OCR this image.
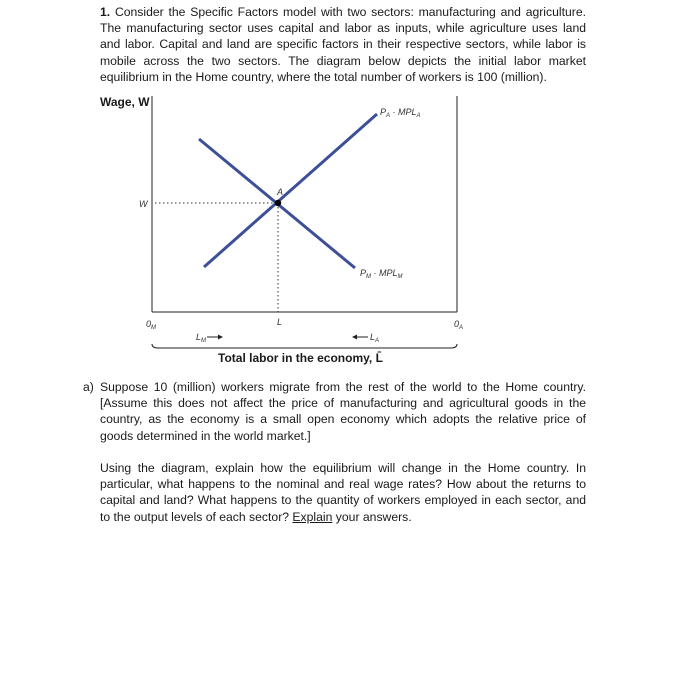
1. Consider the Specific Factors model with two sectors: manufacturing and agriculture. The manufacturing sector uses capital and labor as inputs, while agriculture uses land and labor. Capital and land are specific factors in their respective sectors, while labor is mobile across the two sectors. The diagram below depicts the initial labor market equilibrium in the Home country, where the total number of workers is 100 (million).

Wage, W

A
W
$P_A \cdot MPL_A$
$P_M \cdot MPL_M$
$0_M$
L	$0_A$
$L_M$	$L_A$

Total labor in the economy, L̄

a) Suppose 10 (million) workers migrate from the rest of the world to the Home country. [Assume this does not affect the price of manufacturing and agricultural goods in the country, as the economy is a small open economy which adopts the relative price of goods determined in the world market.]

Using the diagram, explain how the equilibrium will change in the Home country. In particular, what happens to the nominal and real wage rates? How about the returns to capital and land? What happens to the quantity of workers employed in each sector, and to the output levels of each sector? Explain your answers.
